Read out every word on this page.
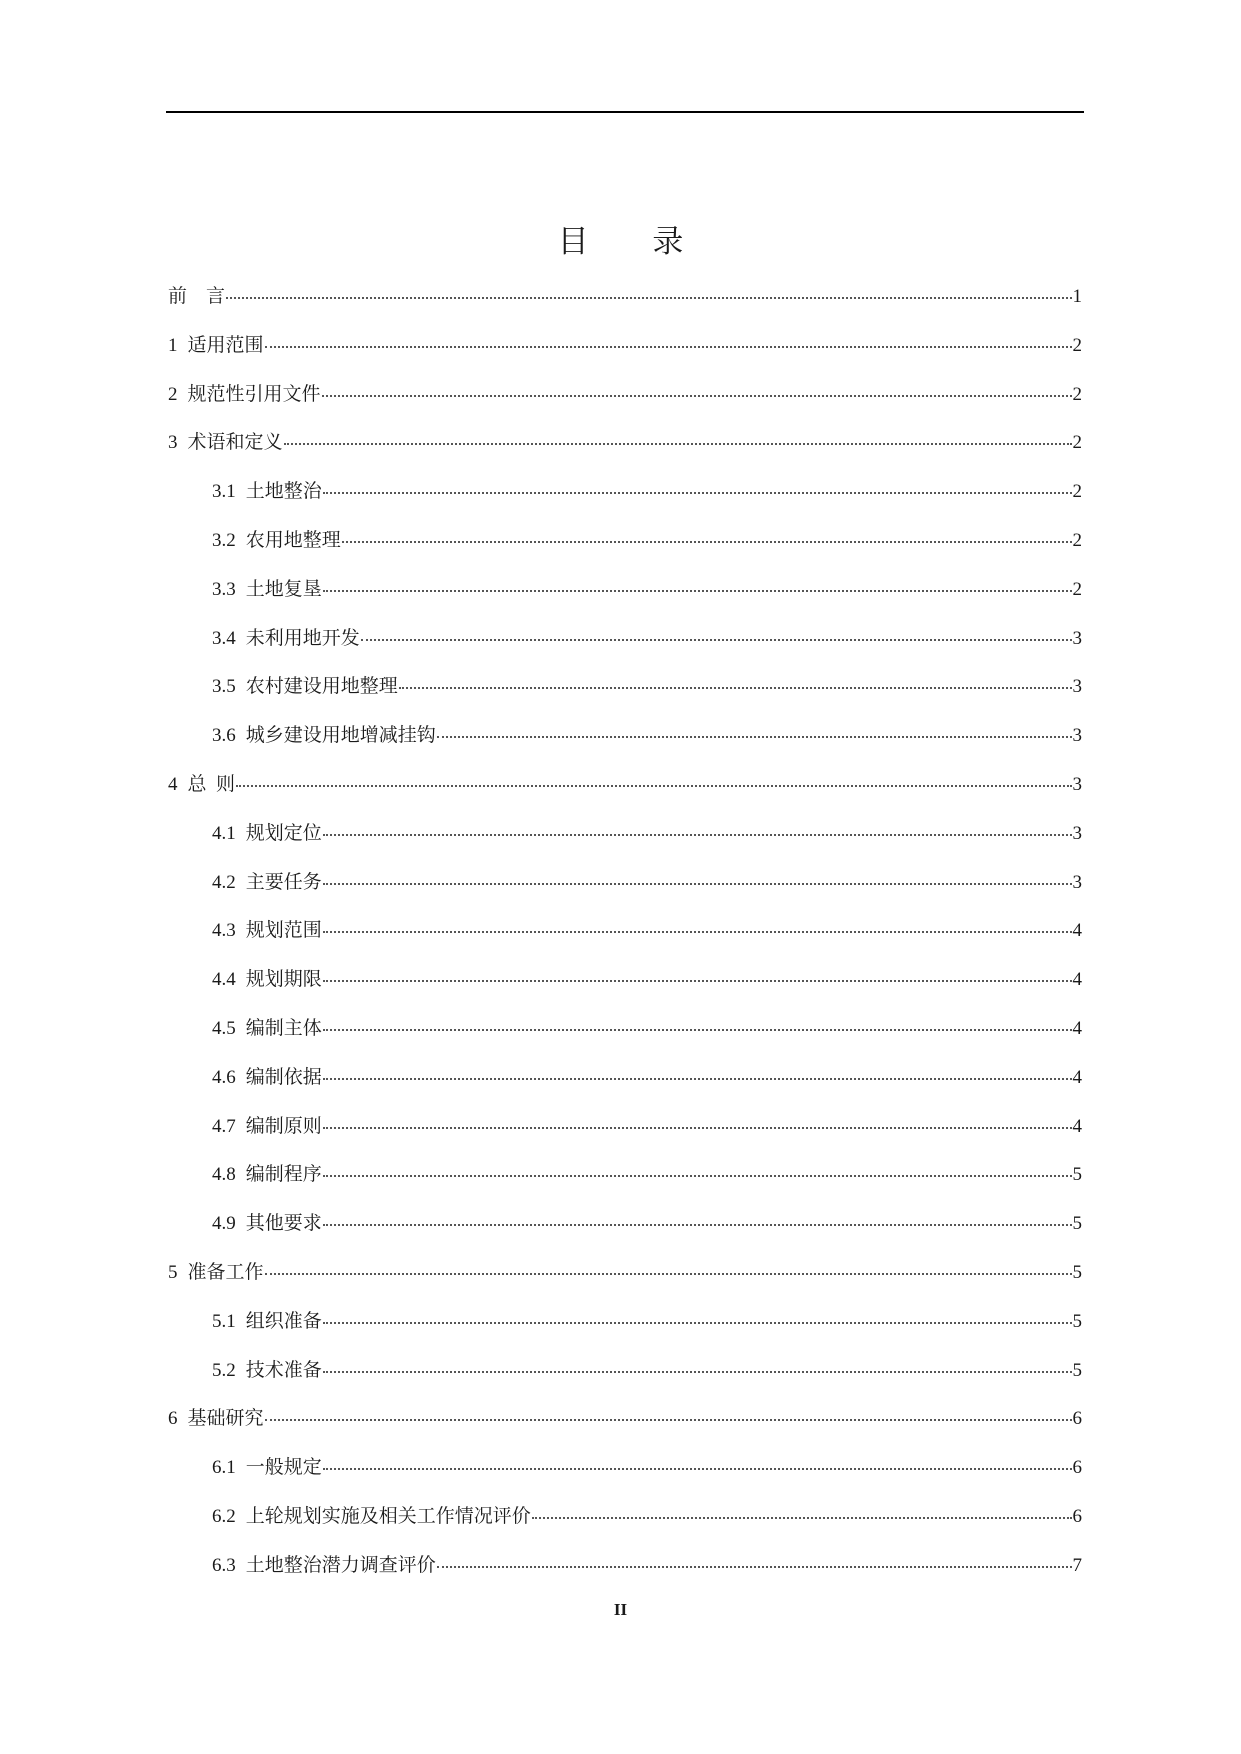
目 录
前    言	1
1 适用范围	2
2 规范性引用文件	2
3 术语和定义	2
3.1 土地整治	2
3.2 农用地整理	2
3.3 土地复垦	2
3.4 未利用地开发	3
3.5 农村建设用地整理	3
3.6 城乡建设用地增减挂钩	3
4 总  则	3
4.1 规划定位	3
4.2 主要任务	3
4.3 规划范围	4
4.4 规划期限	4
4.5 编制主体	4
4.6 编制依据	4
4.7 编制原则	4
4.8 编制程序	5
4.9 其他要求	5
5 准备工作	5
5.1 组织准备	5
5.2 技术准备	5
6 基础研究	6
6.1 一般规定	6
6.2 上轮规划实施及相关工作情况评价	6
6.3 土地整治潜力调查评价	7
II
